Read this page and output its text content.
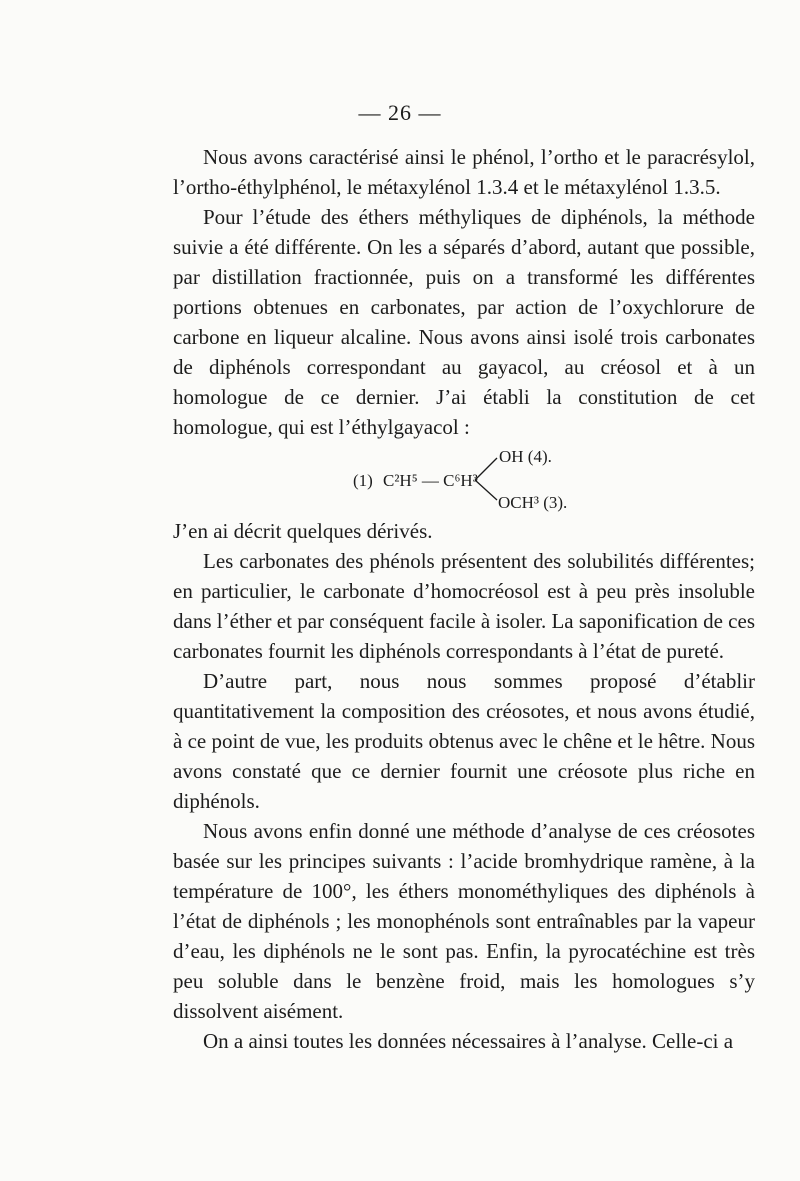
— 26 —

Nous avons caractérisé ainsi le phénol, l’ortho et le paracrésylol, l’ortho-éthylphénol, le métaxylénol 1.3.4 et le métaxylénol 1.3.5.

Pour l’étude des éthers méthyliques de diphénols, la méthode suivie a été différente. On les a séparés d’abord, autant que possible, par distillation fractionnée, puis on a transformé les différentes portions obtenues en carbonates, par action de l’oxychlorure de carbone en liqueur alcaline. Nous avons ainsi isolé trois carbonates de diphénols correspondant au gayacol, au créosol et à un homologue de ce dernier. J’ai établi la constitution de cet homologue, qui est l’éthylgayacol :

(1) C²H⁵ — C⁶H³
OH (4).
OCH³ (3).

J’en ai décrit quelques dérivés.

Les carbonates des phénols présentent des solubilités différentes; en particulier, le carbonate d’homocréosol est à peu près insoluble dans l’éther et par conséquent facile à isoler. La saponification de ces carbonates fournit les diphénols correspondants à l’état de pureté.

D’autre part, nous nous sommes proposé d’établir quantitativement la composition des créosotes, et nous avons étudié, à ce point de vue, les produits obtenus avec le chêne et le hêtre. Nous avons constaté que ce dernier fournit une créosote plus riche en diphénols.

Nous avons enfin donné une méthode d’analyse de ces créosotes basée sur les principes suivants : l’acide bromhydrique ramène, à la température de 100°, les éthers monométhyliques des diphénols à l’état de diphénols ; les monophénols sont entraînables par la vapeur d’eau, les diphénols ne le sont pas. Enfin, la pyrocatéchine est très peu soluble dans le benzène froid, mais les homologues s’y dissolvent aisément.

On a ainsi toutes les données nécessaires à l’analyse. Celle-ci a
